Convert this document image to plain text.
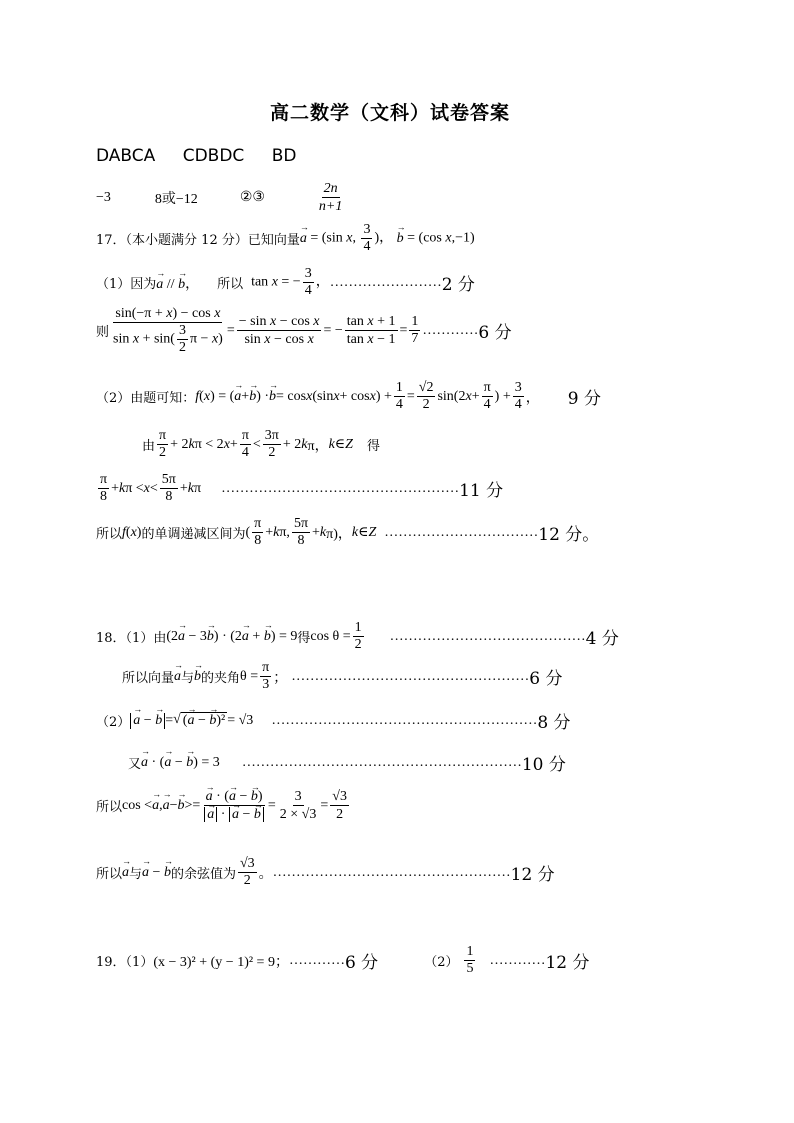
高二数学（文科）试卷答案
DABCA CDBDC BD
−3	8或−12	②③	$\frac{2n}{n+1}$
17．（本小题满分 12 分）已知向量 → a = (sin x, $\frac{3}{4}$ )， → b = (cos x,−1)
（1）因为 → a // → b， 所以 tan x = − $\frac{3}{4}$ ， …………………… 2 分
则 $\frac{\text{sin(−π + x) − cos x}}{\sin x + \sin( \frac{3}{2} \pi - x)} = \frac{\text{− sin x − cos x}}{\text{sin x − cos x}}$ = − $\frac{\text{tan x + 1}}{\text{tan x − 1}} = \frac{1}{7}$ ………… 6 分
（2）由题可知： f ( x ) = ( → a + → b ) · → b = cos x (sin x + cos x ) + $\frac{1}{4} = \frac{√2}{2} \sin(2$ $x + \frac{\pi}{4}$ ) + $\frac{3}{4}$ ， 9 分
由 $\frac{\pi}{2} + 2$ k π < 2 $x + \frac{\pi}{4} < \frac{3\pi}{2} + 2$ k π， k ∈ Z 得
$\frac{\pi}{8} + k$ $\pi < x < \frac{5\pi}{8} + k$ π …………………………………………… 11 分
所以 f(x) 的单调递减区间为 ( $\frac{\pi}{8} + k$ π, $\frac{5\pi}{8} + k$ π)， k ∈ Z …………………………… 12 分。
18．（1）由 (2→ a − 3→ b) · (2→ a + → b) = 9 得 $\cos \theta = \frac{1}{2}$ …………………………………… 4 分
所以向量 → a 与 → b 的夹角 $\theta = \frac{\pi}{3}$ ； …………………………………………… 6 分
（2） → a − → b = √ (→ a − → b)² = √3 ………………………………………………… 8 分
又 → a · (→ a − → b) = 3 …………………………………………………… 10 分
所以 cos < → a , → a − → b >= → a · (→ a − → b)
→ a · → a − → $b = \frac{3}{2 \times √3} = \frac{√3}{2}$
所以 → a 与 → a − → b 的余弦值为 $\frac{√3}{2}$ 。 …………………………………………… 12 分
19．（1） (x − 3)² + (y − 1)² = 9； ………… 6 分	$(2) \frac{1}{5}$ ………… 12 分
